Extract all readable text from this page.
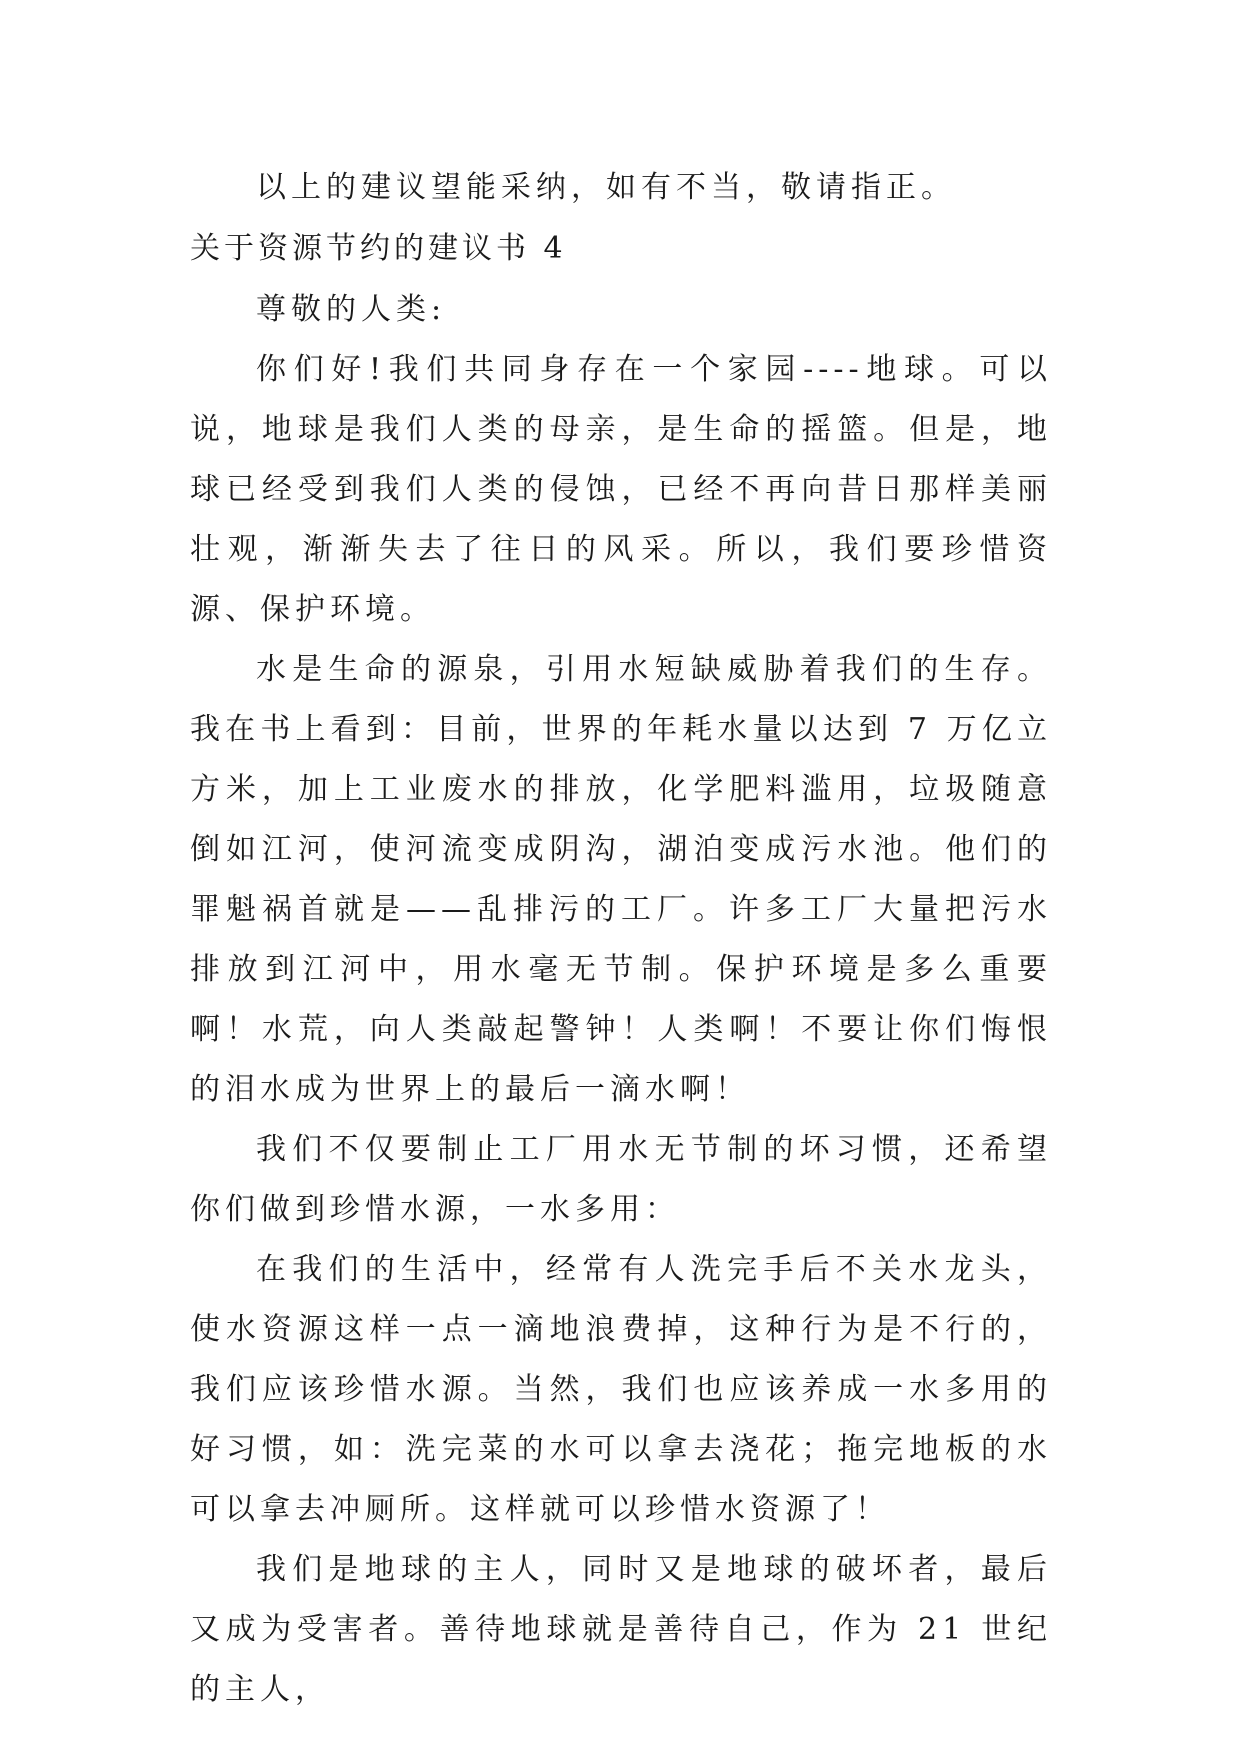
以上的建议望能采纳，如有不当，敬请指正。

关于资源节约的建议书 4

尊敬的人类:

你们好!我们共同身存在一个家园----地球。可以说，地球是我们人类的母亲，是生命的摇篮。但是，地球已经受到我们人类的侵蚀，已经不再向昔日那样美丽壮观，渐渐失去了往日的风采。所以，我们要珍惜资源、保护环境。

水是生命的源泉，引用水短缺威胁着我们的生存。我在书上看到：目前，世界的年耗水量以达到 7 万亿立方米，加上工业废水的排放，化学肥料滥用，垃圾随意倒如江河，使河流变成阴沟，湖泊变成污水池。他们的罪魁祸首就是——乱排污的工厂。许多工厂大量把污水排放到江河中，用水毫无节制。保护环境是多么重要啊！水荒，向人类敲起警钟！人类啊！不要让你们悔恨的泪水成为世界上的最后一滴水啊！

我们不仅要制止工厂用水无节制的坏习惯，还希望你们做到珍惜水源，一水多用：

在我们的生活中，经常有人洗完手后不关水龙头，使水资源这样一点一滴地浪费掉，这种行为是不行的，我们应该珍惜水源。当然，我们也应该养成一水多用的好习惯，如：洗完菜的水可以拿去浇花；拖完地板的水可以拿去冲厕所。这样就可以珍惜水资源了！

我们是地球的主人，同时又是地球的破坏者，最后又成为受害者。善待地球就是善待自己，作为 21 世纪的主人，
